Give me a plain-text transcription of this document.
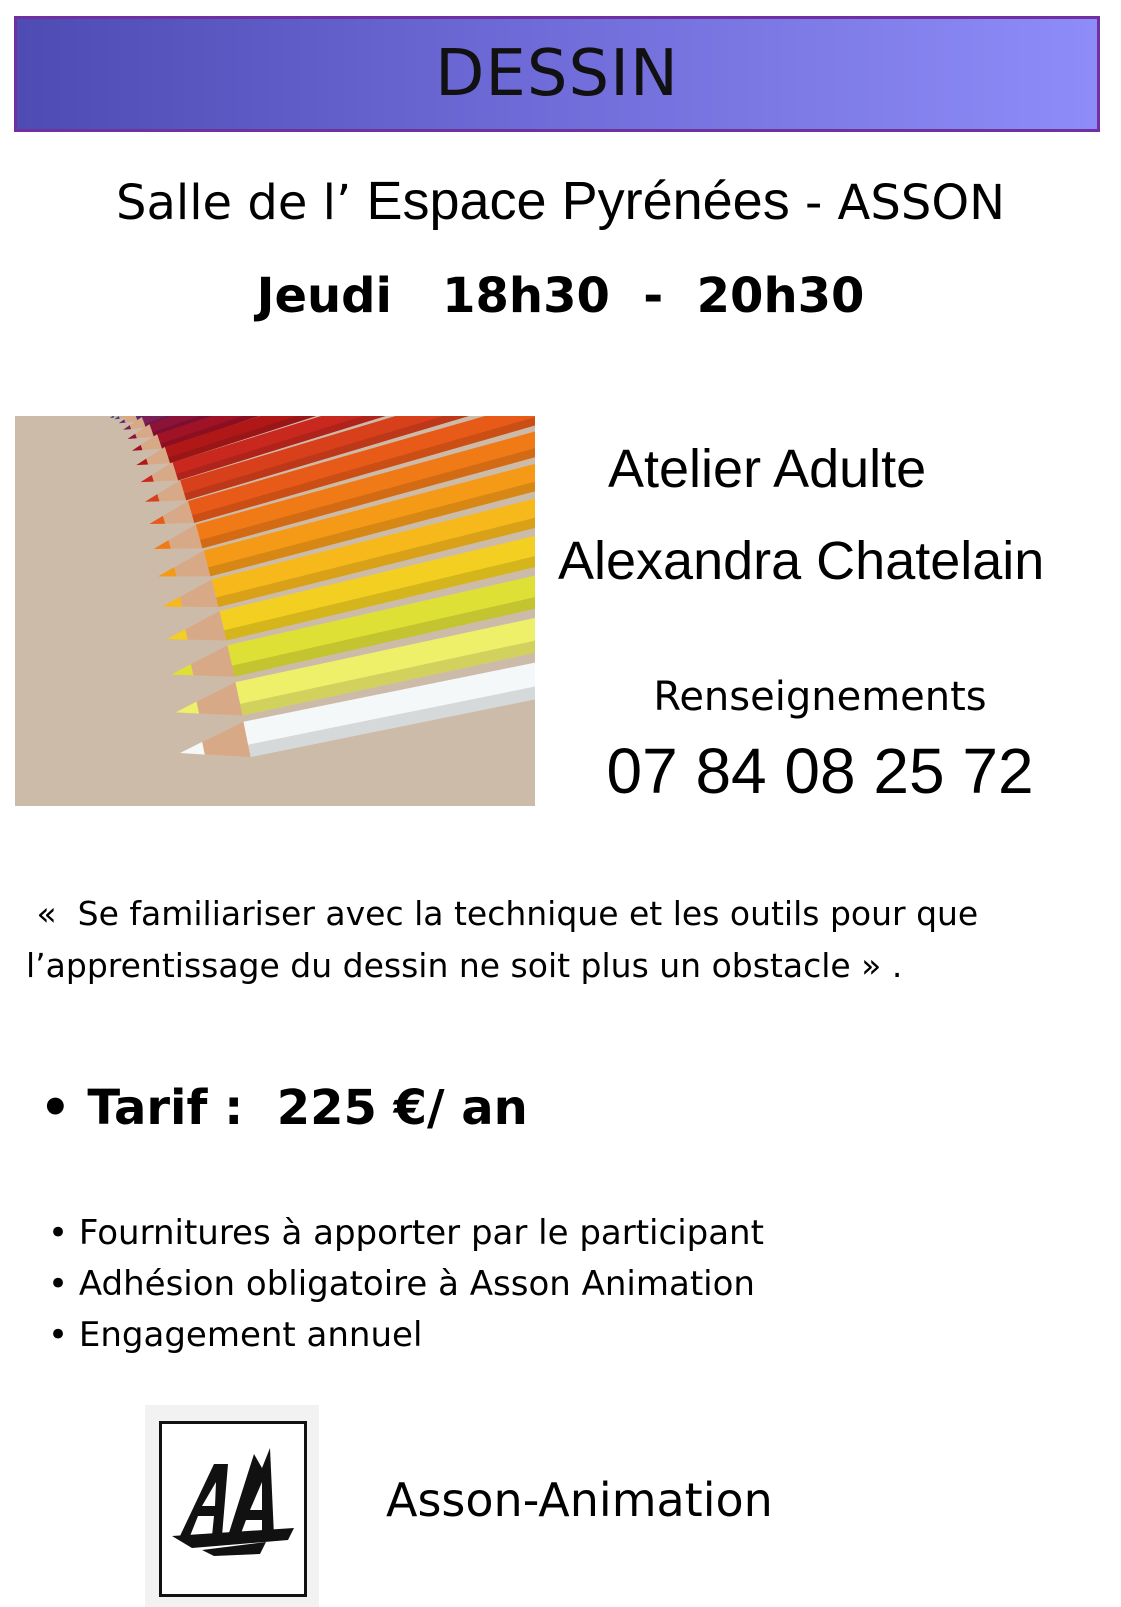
DESSIN
Salle de l’ Espace Pyrénées - ASSON
Jeudi   18h30  -  20h30
Atelier Adulte
Alexandra Chatelain
Renseignements
07 84 08 25 72
«  Se familiariser avec la technique et les outils pour que
l’apprentissage du dessin ne soit plus un obstacle » .
• Tarif :  225 €/ an
• Fournitures à apporter par le participant
• Adhésion obligatoire à Asson Animation
• Engagement annuel
Asson-Animation
